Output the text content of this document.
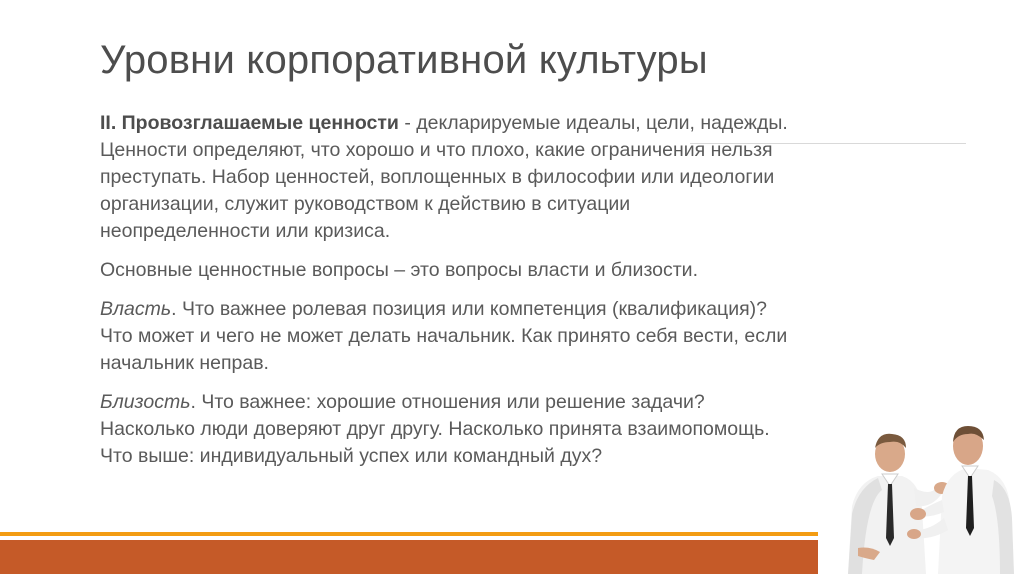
Уровни корпоративной культуры
II. Провозглашаемые ценности - декларируемые идеалы, цели, надежды.
Ценности определяют, что хорошо и что плохо, какие ограничения нельзя
преступать. Набор ценностей, воплощенных в философии или идеологии
организации, служит руководством к действию в ситуации
неопределенности или кризиса.
Основные ценностные вопросы – это вопросы власти и близости.
Власть. Что важнее ролевая позиция или компетенция (квалификация)?
Что может и чего не может делать начальник. Как принято себя вести, если
начальник неправ.
Близость. Что важнее: хорошие отношения или решение задачи?
Насколько люди доверяют друг другу. Насколько принята взаимопомощь.
Что выше: индивидуальный успех или командный дух?
